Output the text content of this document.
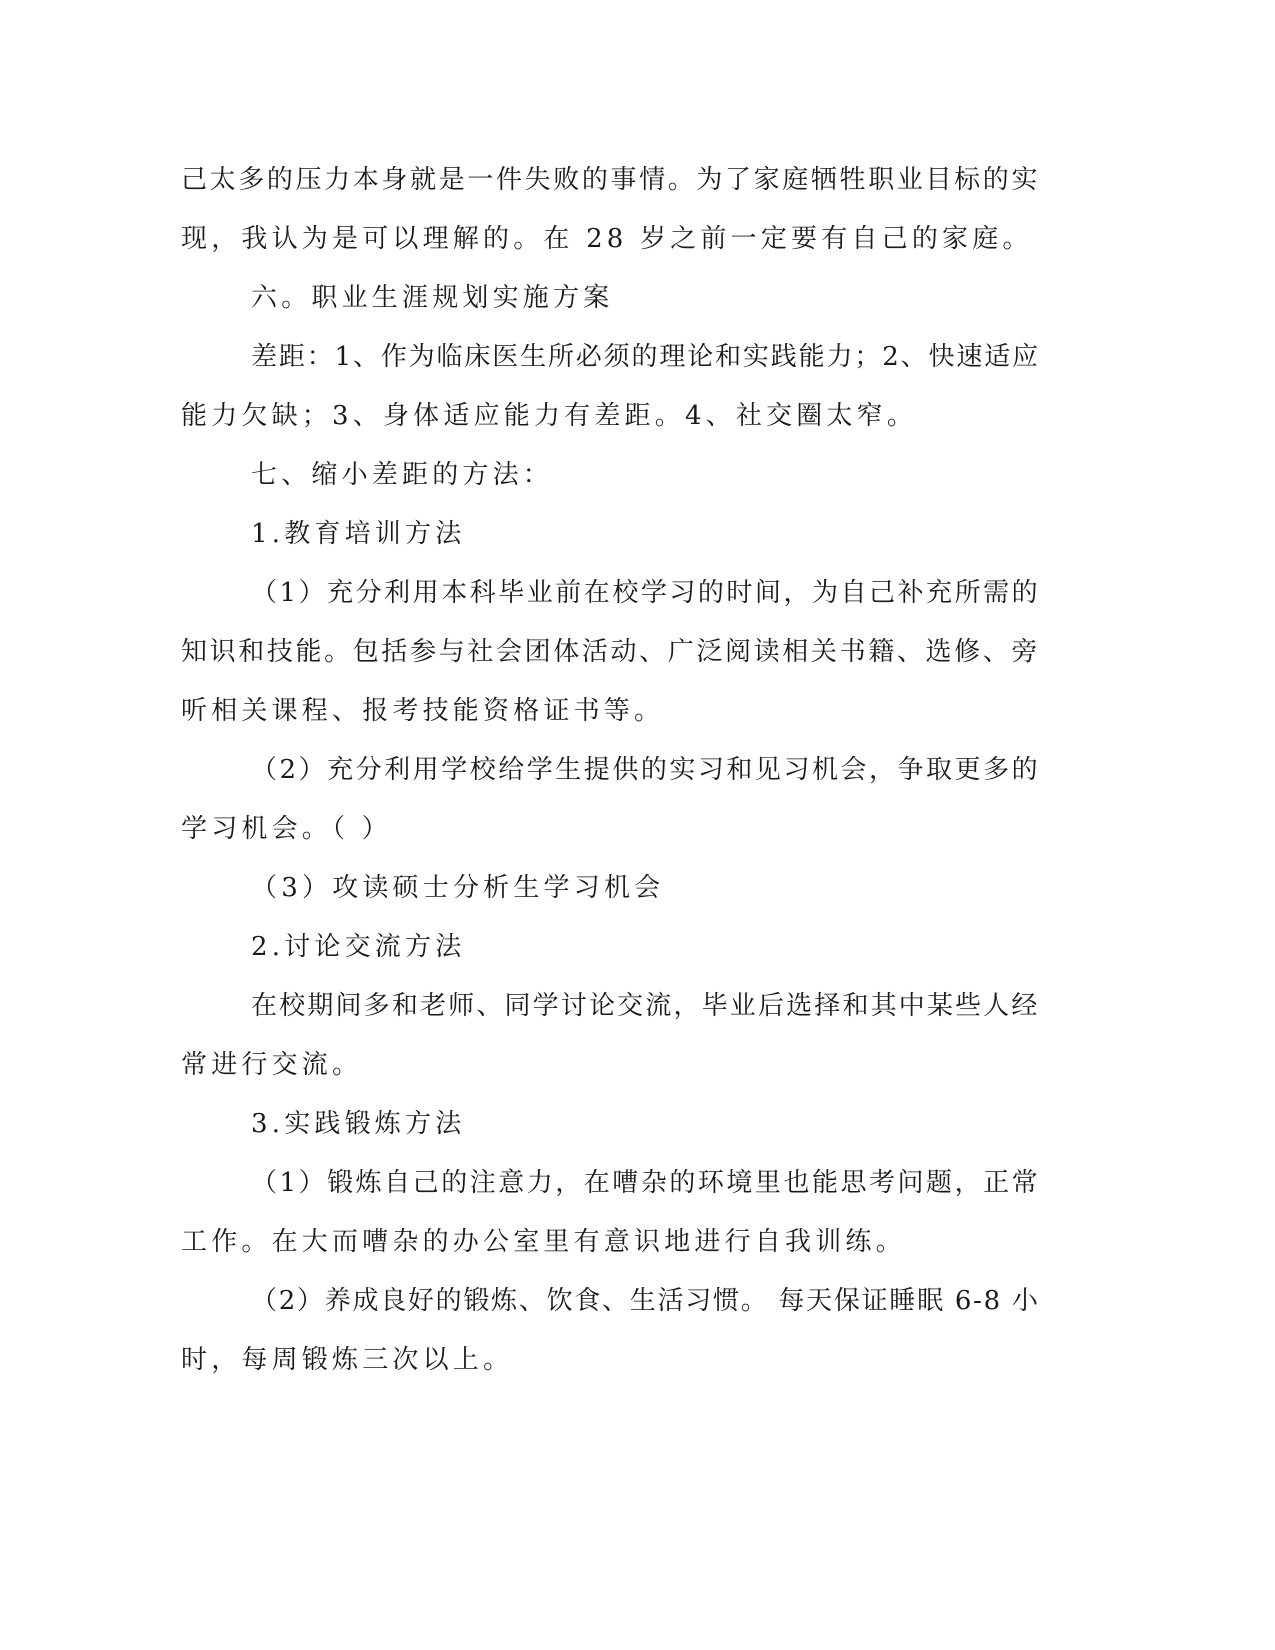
己太多的压力本身就是一件失败的事情。为了家庭牺牲职业目标的实
现，我认为是可以理解的。在 28 岁之前一定要有自己的家庭。
六。职业生涯规划实施方案
差距：1、作为临床医生所必须的理论和实践能力；2、快速适应
能力欠缺；3、身体适应能力有差距。4、社交圈太窄。
七、缩小差距的方法：
1.教育培训方法
（1）充分利用本科毕业前在校学习的时间，为自己补充所需的
知识和技能。包括参与社会团体活动、广泛阅读相关书籍、选修、旁
听相关课程、报考技能资格证书等。
（2）充分利用学校给学生提供的实习和见习机会，争取更多的
学习机会。（ ）
（3）攻读硕士分析生学习机会
2.讨论交流方法
在校期间多和老师、同学讨论交流，毕业后选择和其中某些人经
常进行交流。
3.实践锻炼方法
（1）锻炼自己的注意力，在嘈杂的环境里也能思考问题，正常
工作。在大而嘈杂的办公室里有意识地进行自我训练。
（2）养成良好的锻炼、饮食、生活习惯。 每天保证睡眠 6-8 小
时，每周锻炼三次以上。
